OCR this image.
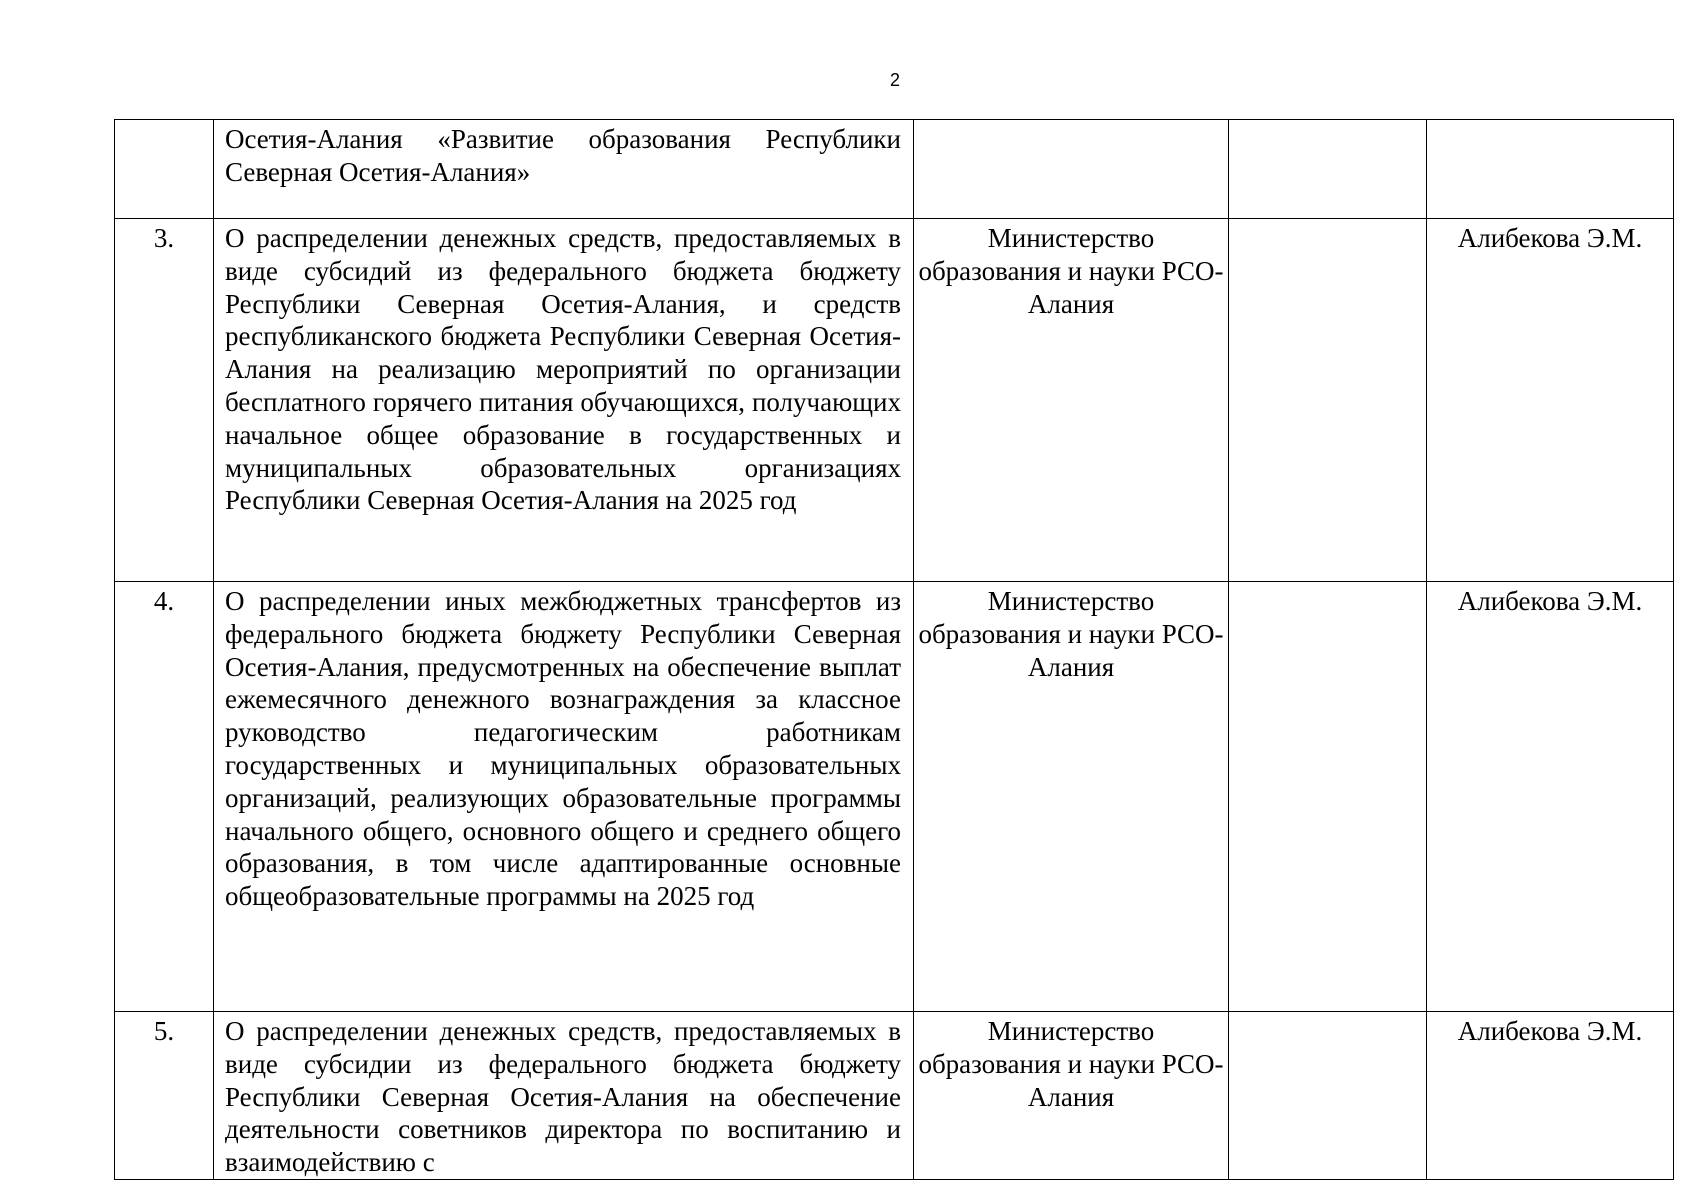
2

	Осетия-Алания «Развитие образования Республики Северная Осетия-Алания»			

3.	О распределении денежных средств, предоставляемых в виде субсидий из федерального бюджета бюджету Республики Северная Осетия-Алания, и средств республиканского бюджета Республики Северная Осетия-Алания на реализацию мероприятий по организации бесплатного горячего питания обучающихся, получающих начальное общее образование в государственных и муниципальных образовательных организациях Республики Северная Осетия-Алания на 2025 год	Министерство образования и науки РСО-Алания		Алибекова Э.М.
4.	О распределении иных межбюджетных трансфертов из федерального бюджета бюджету Республики Северная Осетия-Алания, предусмотренных на обеспечение выплат ежемесячного денежного вознаграждения за классное руководство педагогическим работникам государственных и муниципальных образовательных организаций, реализующих образовательные программы начального общего, основного общего и среднего общего образования, в том числе адаптированные основные общеобразовательные программы на 2025 год	Министерство образования и науки РСО-Алания		Алибекова Э.М.
5.	О распределении денежных средств, предоставляемых в виде субсидии из федерального бюджета бюджету Республики Северная Осетия-Алания на обеспечение деятельности советников директора по воспитанию и взаимодействию с	Министерство образования и науки РСО-Алания		Алибекова Э.М.
